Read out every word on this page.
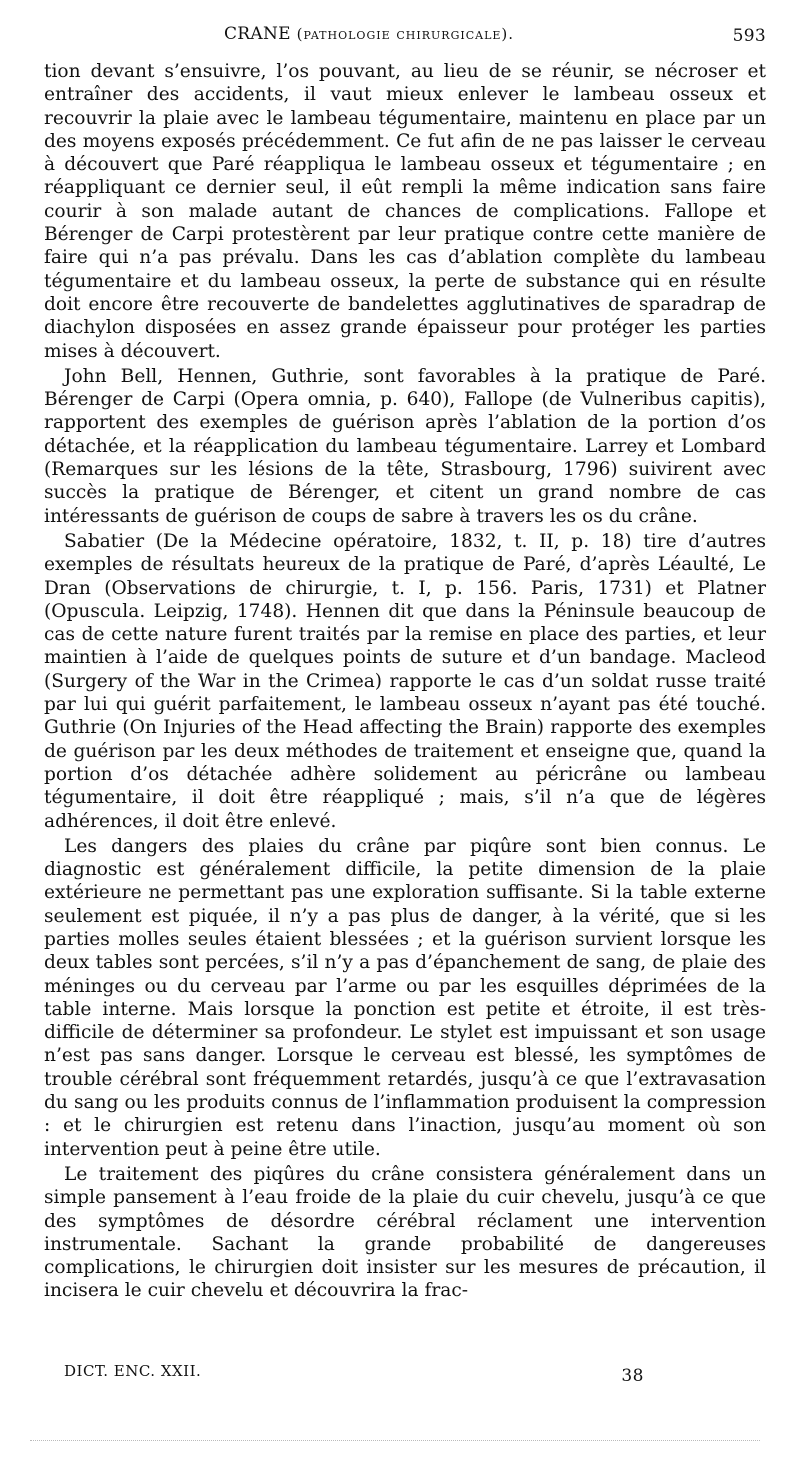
CRANE (pathologie chirurgicale).	593

tion devant s’ensuivre, l’os pouvant, au lieu de se réunir, se nécroser et entraîner des accidents, il vaut mieux enlever le lambeau osseux et recouvrir la plaie avec le lambeau tégumentaire, maintenu en place par un des moyens exposés précédemment. Ce fut afin de ne pas laisser le cerveau à découvert que Paré réappliqua le lambeau osseux et tégumentaire ; en réappliquant ce dernier seul, il eût rempli la même indication sans faire courir à son malade autant de chances de complications. Fallope et Bérenger de Carpi protestèrent par leur pratique contre cette manière de faire qui n’a pas prévalu. Dans les cas d’ablation complète du lambeau tégumentaire et du lambeau osseux, la perte de substance qui en résulte doit encore être recouverte de bandelettes agglutinatives de sparadrap de diachylon disposées en assez grande épaisseur pour protéger les parties mises à découvert.

John Bell, Hennen, Guthrie, sont favorables à la pratique de Paré. Bérenger de Carpi (Opera omnia, p. 640), Fallope (de Vulneribus capitis), rapportent des exemples de guérison après l’ablation de la portion d’os détachée, et la réapplication du lambeau tégumentaire. Larrey et Lombard (Remarques sur les lésions de la tête, Strasbourg, 1796) suivirent avec succès la pratique de Bérenger, et citent un grand nombre de cas intéressants de guérison de coups de sabre à travers les os du crâne.

Sabatier (De la Médecine opératoire, 1832, t. II, p. 18) tire d’autres exemples de résultats heureux de la pratique de Paré, d’après Léaulté, Le Dran (Observations de chirurgie, t. I, p. 156. Paris, 1731) et Platner (Opuscula. Leipzig, 1748). Hennen dit que dans la Péninsule beaucoup de cas de cette nature furent traités par la remise en place des parties, et leur maintien à l’aide de quelques points de suture et d’un bandage. Macleod (Surgery of the War in the Crimea) rapporte le cas d’un soldat russe traité par lui qui guérit parfaitement, le lambeau osseux n’ayant pas été touché. Guthrie (On Injuries of the Head affecting the Brain) rapporte des exemples de guérison par les deux méthodes de traitement et enseigne que, quand la portion d’os détachée adhère solidement au péricrâne ou lambeau tégumentaire, il doit être réappliqué ; mais, s’il n’a que de légères adhérences, il doit être enlevé.

Les dangers des plaies du crâne par piqûre sont bien connus. Le diagnostic est généralement difficile, la petite dimension de la plaie extérieure ne permettant pas une exploration suffisante. Si la table externe seulement est piquée, il n’y a pas plus de danger, à la vérité, que si les parties molles seules étaient blessées ; et la guérison survient lorsque les deux tables sont percées, s’il n’y a pas d’épanchement de sang, de plaie des méninges ou du cerveau par l’arme ou par les esquilles déprimées de la table interne. Mais lorsque la ponction est petite et étroite, il est très-difficile de déterminer sa profondeur. Le stylet est impuissant et son usage n’est pas sans danger. Lorsque le cerveau est blessé, les symptômes de trouble cérébral sont fréquemment retardés, jusqu’à ce que l’extravasation du sang ou les produits connus de l’inflammation produisent la compression : et le chirurgien est retenu dans l’inaction, jusqu’au moment où son intervention peut à peine être utile.

Le traitement des piqûres du crâne consistera généralement dans un simple pansement à l’eau froide de la plaie du cuir chevelu, jusqu’à ce que des symptômes de désordre cérébral réclament une intervention instrumentale. Sachant la grande probabilité de dangereuses complications, le chirurgien doit insister sur les mesures de précaution, il incisera le cuir chevelu et découvrira la frac-

DICT. ENC. XXII.	38
